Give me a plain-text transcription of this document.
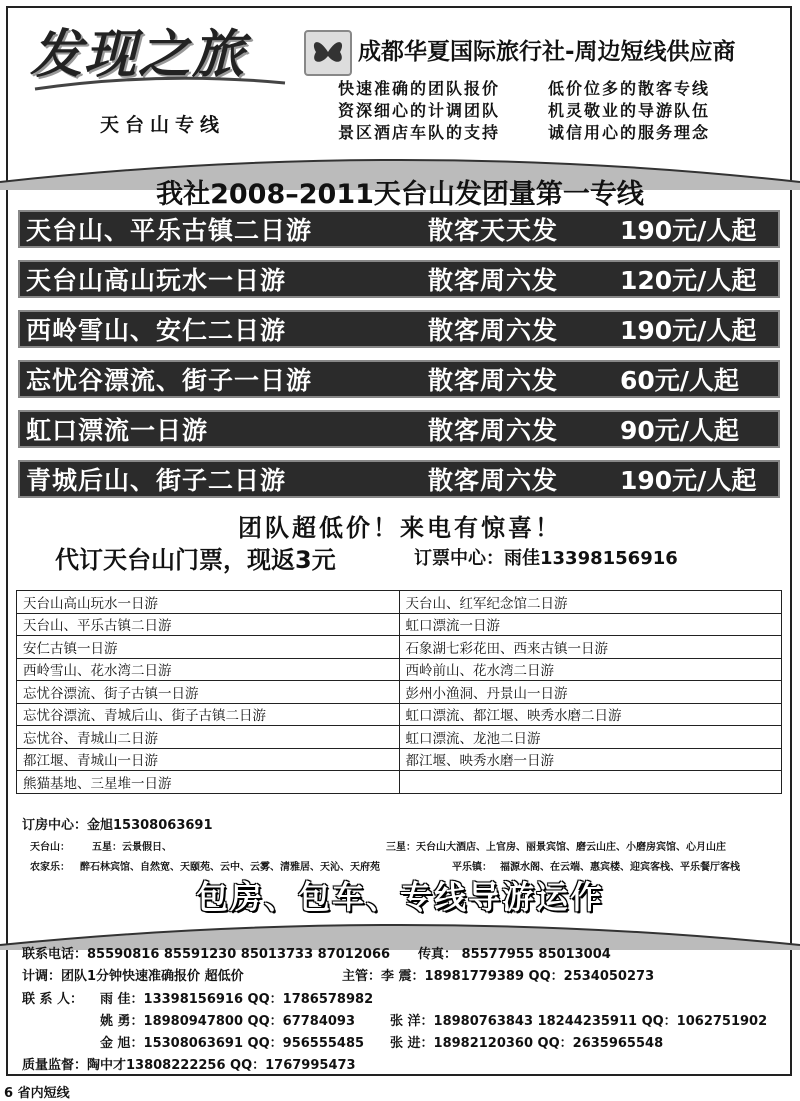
发现之旅
天台山专线
成都华夏国际旅行社-周边短线供应商
快速准确的团队报价	低价位多的散客专线
资深细心的计调团队	机灵敬业的导游队伍
景区酒店车队的支持	诚信用心的服务理念
我社2008–2011天台山发团量第一专线
天台山、平乐古镇二日游	散客天天发 190元/人起
天台山高山玩水一日游	散客周六发 120元/人起
西岭雪山、安仁二日游	散客周六发 190元/人起
忘忧谷漂流、街子一日游	散客周六发 60元/人起
虹口漂流一日游	散客周六发 90元/人起
青城后山、街子二日游	散客周六发 190元/人起
团队超低价！来电有惊喜！
代订天台山门票，现返3元	订票中心：雨佳13398156916
天台山高山玩水一日游	天台山、红军纪念馆二日游
天台山、平乐古镇二日游	虹口漂流一日游
安仁古镇一日游	石象湖七彩花田、西来古镇一日游
西岭雪山、花水湾二日游	西岭前山、花水湾二日游
忘忧谷漂流、街子古镇一日游	彭州小渔洞、丹景山一日游
忘忧谷漂流、青城后山、街子古镇二日游	虹口漂流、都江堰、映秀水磨二日游
忘忧谷、青城山二日游	虹口漂流、龙池二日游
都江堰、青城山一日游	都江堰、映秀水磨一日游
熊猫基地、三星堆一日游	
订房中心：金旭15308063691
天台山： 五星：云景假日、	三星： 天台山大酒店、上官房、丽景宾馆、磨云山庄、小磨房宾馆、心月山庄
农家乐： 醉石林宾馆、自然宽、天颐苑、云中、云雾、清雅居、天沁、天府苑	平乐镇： 福源水阁、在云端、惠宾楼、迎宾客栈、平乐餐厅客栈
包房、包车、专线导游运作
联系电话：85590816 85591230 85013733 87012066 传真： 85577955 85013004
计调：团队1分钟快速准确报价 超低价	主管：李 震：18981779389 QQ：2534050273
联 系 人： 雨 佳：13398156916 QQ：1786578982
姚 勇：18980947800 QQ：67784093	张 洋：18980763843 18244235911 QQ：1062751902
金 旭：15308063691 QQ：956555485 张 进：18982120360 QQ：2635965548
质量监督：陶中才13808222256 QQ：1767995473
6 省内短线
